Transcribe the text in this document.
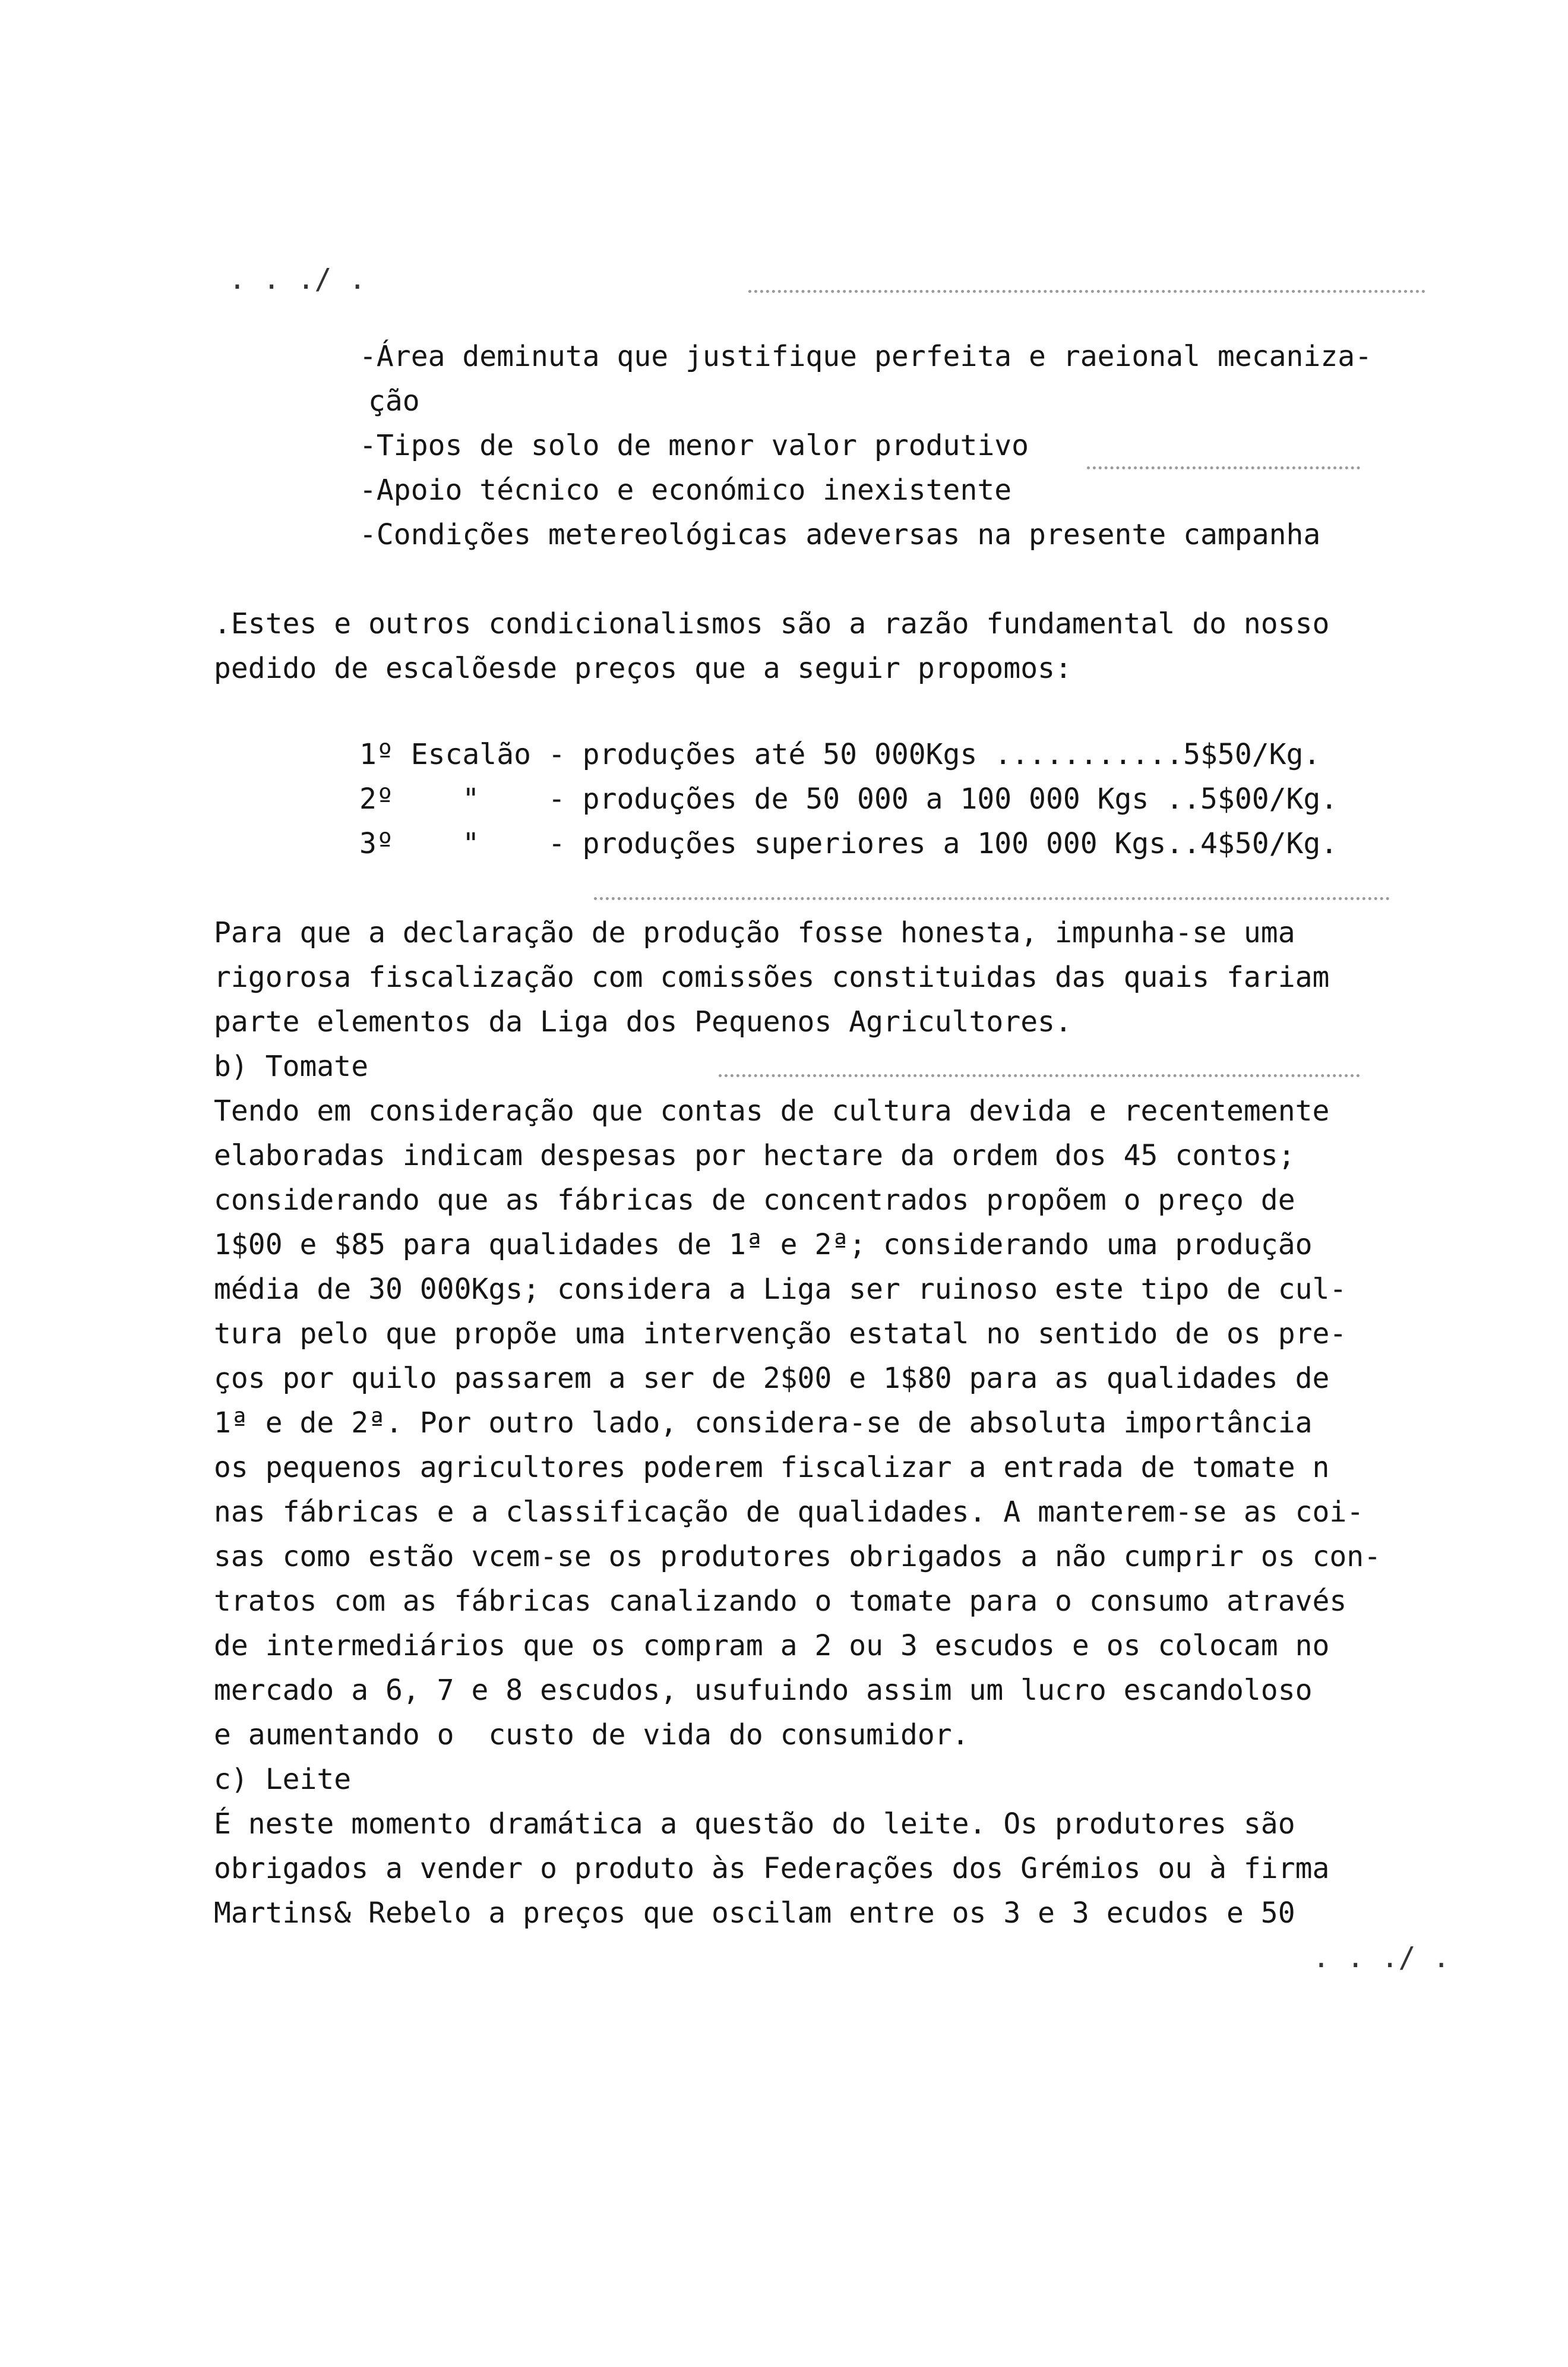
. . ./ .

-Área deminuta que justifique perfeita e raeional mecaniza-

ção

-Tipos de solo de menor valor produtivo

-Apoio técnico e económico inexistente

-Condições metereológicas adeversas na presente campanha

.Estes e outros condicionalismos são a razão fundamental do nosso

pedido de escalõesde preços que a seguir propomos:

1º Escalão - produções até 50 000Kgs ...........5$50/Kg.

2º    "    - produções de 50 000 a 100 000 Kgs ..5$00/Kg.

3º    "    - produções superiores a 100 000 Kgs..4$50/Kg.

Para que a declaração de produção fosse honesta, impunha-se uma

rigorosa fiscalização com comissões constituidas das quais fariam

parte elementos da Liga dos Pequenos Agricultores.

b) Tomate

Tendo em consideração que contas de cultura devida e recentemente

elaboradas indicam despesas por hectare da ordem dos 45 contos;

considerando que as fábricas de concentrados propõem o preço de

1$00 e $85 para qualidades de 1ª e 2ª; considerando uma produção

média de 30 000Kgs; considera a Liga ser ruinoso este tipo de cul-

tura pelo que propõe uma intervenção estatal no sentido de os pre-

ços por quilo passarem a ser de 2$00 e 1$80 para as qualidades de

1ª e de 2ª. Por outro lado, considera-se de absoluta importância

os pequenos agricultores poderem fiscalizar a entrada de tomate n

nas fábricas e a classificação de qualidades. A manterem-se as coi-

sas como estão vcem-se os produtores obrigados a não cumprir os con-

tratos com as fábricas canalizando o tomate para o consumo através

de intermediários que os compram a 2 ou 3 escudos e os colocam no

mercado a 6, 7 e 8 escudos, usufuindo assim um lucro escandoloso

e aumentando o  custo de vida do consumidor.

c) Leite

É neste momento dramática a questão do leite. Os produtores são

obrigados a vender o produto às Federações dos Grémios ou à firma

Martins& Rebelo a preços que oscilam entre os 3 e 3 ecudos e 50

. . ./ .
